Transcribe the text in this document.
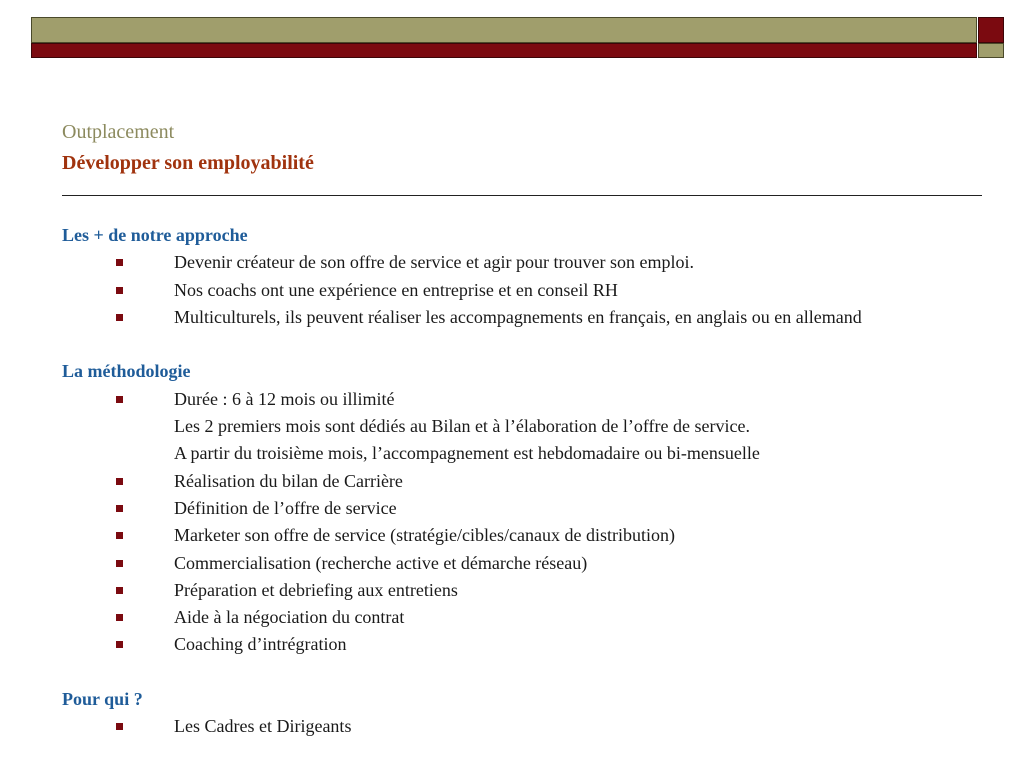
Outplacement
Développer son employabilité
Les + de notre approche
Devenir créateur de son offre de service et agir pour trouver son emploi.
Nos coachs ont une expérience en entreprise et en conseil RH
Multiculturels, ils peuvent réaliser les accompagnements en français, en anglais ou en allemand
La méthodologie
Durée : 6 à 12 mois ou illimité
Les 2 premiers mois sont dédiés au Bilan et à l’élaboration de l’offre de service.
A partir du troisième mois, l’accompagnement est hebdomadaire ou bi-mensuelle
Réalisation du bilan de Carrière
Définition de l’offre de service
Marketer son offre de service (stratégie/cibles/canaux de distribution)
Commercialisation (recherche active et démarche réseau)
Préparation et debriefing aux entretiens
Aide à la négociation du contrat
Coaching d’intrégration
Pour qui ?
Les Cadres et Dirigeants
